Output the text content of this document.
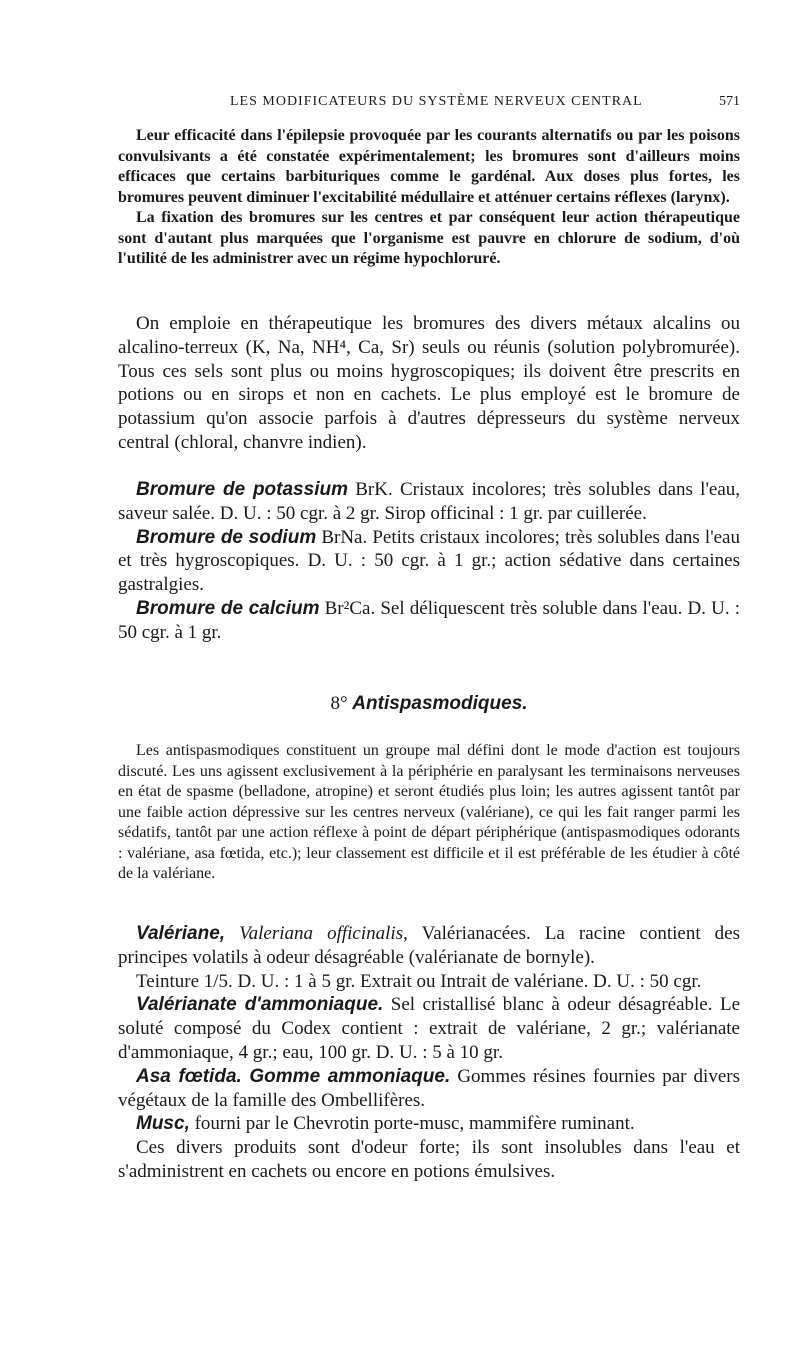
LES MODIFICATEURS DU SYSTÈME NERVEUX CENTRAL	571

Leur efficacité dans l'épilepsie provoquée par les courants alternatifs ou par les poisons convulsivants a été constatée expérimentalement; les bromures sont d'ailleurs moins efficaces que certains barbituriques comme le gardénal. Aux doses plus fortes, les bromures peuvent diminuer l'excitabilité médullaire et atténuer certains réflexes (larynx).

La fixation des bromures sur les centres et par conséquent leur action thérapeutique sont d'autant plus marquées que l'organisme est pauvre en chlorure de sodium, d'où l'utilité de les administrer avec un régime hypochloruré.

On emploie en thérapeutique les bromures des divers métaux alcalins ou alcalino-terreux (K, Na, NH⁴, Ca, Sr) seuls ou réunis (solution polybromurée). Tous ces sels sont plus ou moins hygroscopiques; ils doivent être prescrits en potions ou en sirops et non en cachets. Le plus employé est le bromure de potassium qu'on associe parfois à d'autres dépresseurs du système nerveux central (chloral, chanvre indien).

Bromure de potassium BrK. Cristaux incolores; très solubles dans l'eau, saveur salée. D. U. : 50 cgr. à 2 gr. Sirop officinal : 1 gr. par cuillerée.

Bromure de sodium BrNa. Petits cristaux incolores; très solubles dans l'eau et très hygroscopiques. D. U. : 50 cgr. à 1 gr.; action sédative dans certaines gastralgies.

Bromure de calcium Br²Ca. Sel déliquescent très soluble dans l'eau. D. U. : 50 cgr. à 1 gr.

8° Antispasmodiques.

Les antispasmodiques constituent un groupe mal défini dont le mode d'action est toujours discuté. Les uns agissent exclusivement à la périphérie en paralysant les terminaisons nerveuses en état de spasme (belladone, atropine) et seront étudiés plus loin; les autres agissent tantôt par une faible action dépressive sur les centres nerveux (valériane), ce qui les fait ranger parmi les sédatifs, tantôt par une action réflexe à point de départ périphérique (antispasmodiques odorants : valériane, asa fœtida, etc.); leur classement est difficile et il est préférable de les étudier à côté de la valériane.

Valériane, Valeriana officinalis, Valérianacées. La racine contient des principes volatils à odeur désagréable (valérianate de bornyle).

Teinture 1/5. D. U. : 1 à 5 gr. Extrait ou Intrait de valériane. D. U. : 50 cgr.

Valérianate d'ammoniaque. Sel cristallisé blanc à odeur désagréable. Le soluté composé du Codex contient : extrait de valériane, 2 gr.; valérianate d'ammoniaque, 4 gr.; eau, 100 gr. D. U. : 5 à 10 gr.

Asa fœtida. Gomme ammoniaque. Gommes résines fournies par divers végétaux de la famille des Ombellifères.

Musc, fourni par le Chevrotin porte-musc, mammifère ruminant.

Ces divers produits sont d'odeur forte; ils sont insolubles dans l'eau et s'administrent en cachets ou encore en potions émulsives.
